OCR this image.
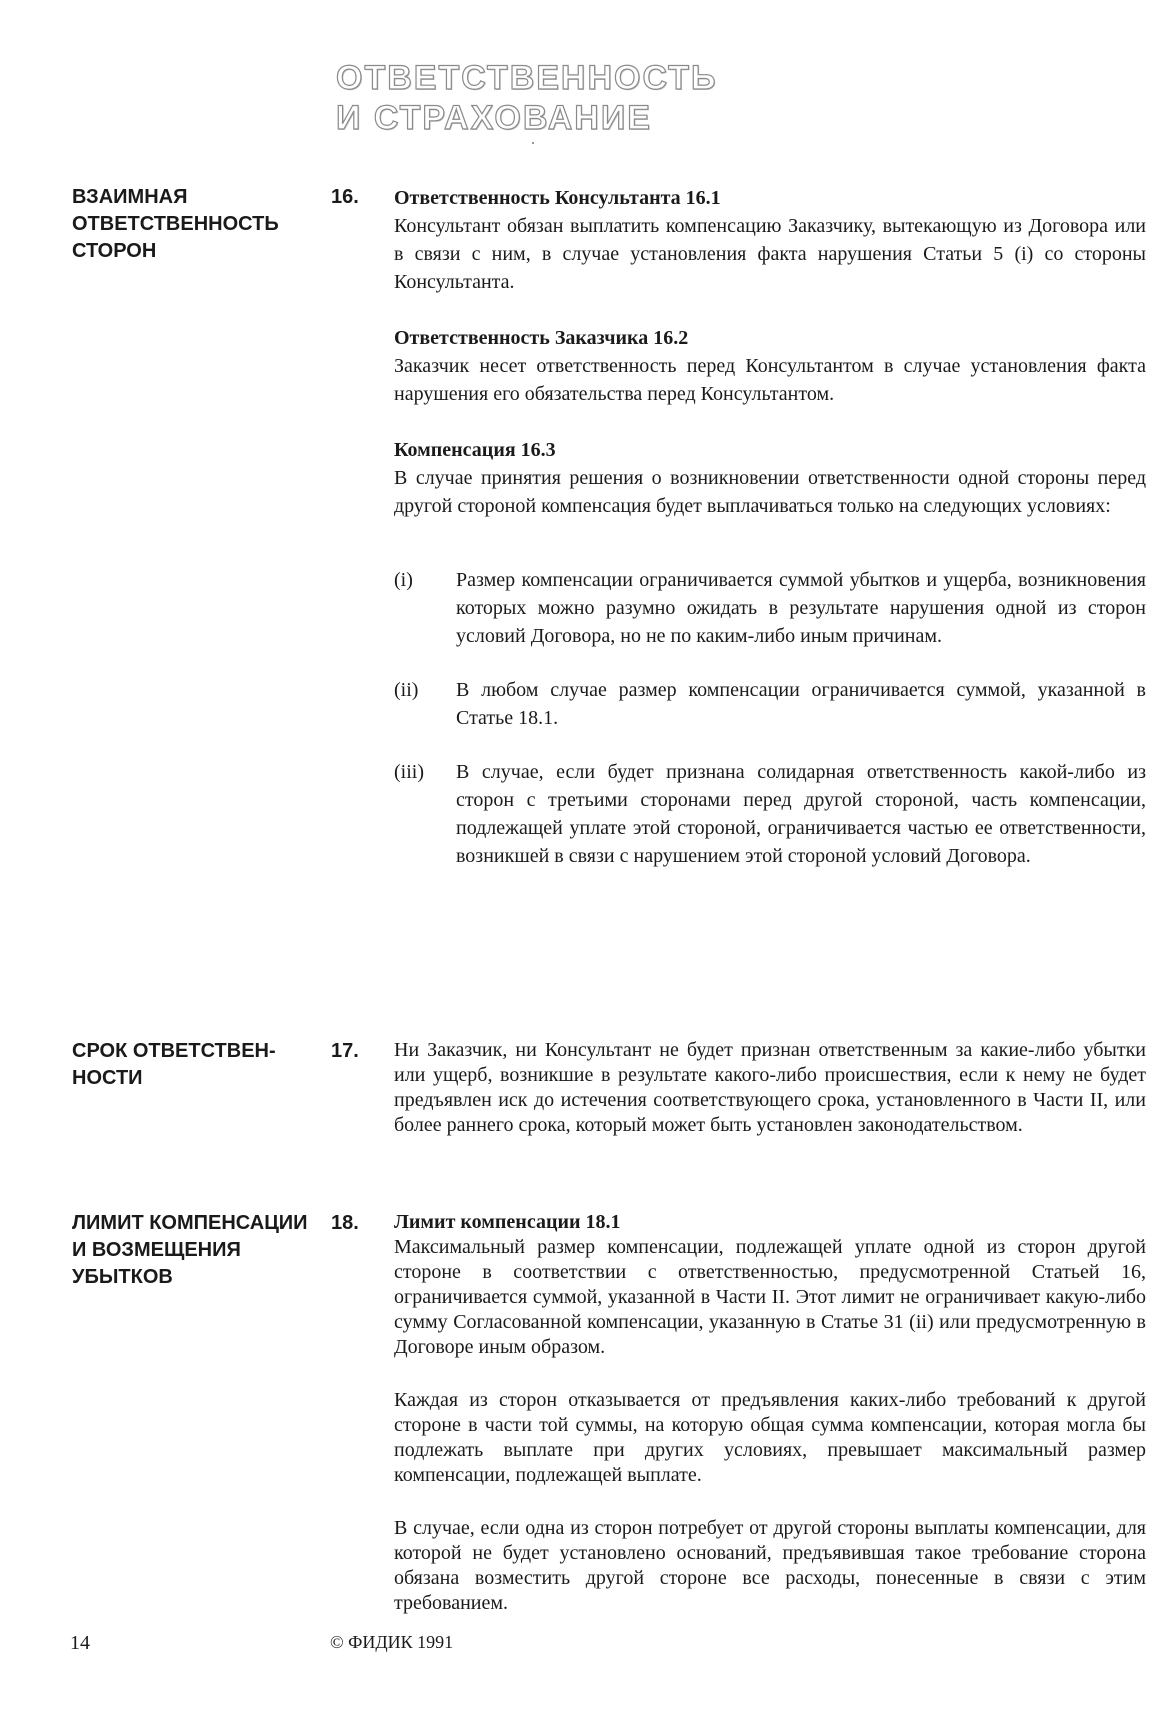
ОТВЕТСТВЕННОСТЬ
И СТРАХОВАНИЕ
ВЗАИМНАЯ ОТВЕТСТВЕННОСТЬ СТОРОН
16. Ответственность Консультанта 16.1

Консультант обязан выплатить компенсацию Заказчику, вытекающую из Договора или в связи с ним, в случае установления факта нарушения Статьи 5 (i) со стороны Консультанта.

Ответственность Заказчика 16.2

Заказчик несет ответственность перед Консультантом в случае установления факта нарушения его обязательства перед Консультантом.

Компенсация 16.3

В случае принятия решения о возникновении ответственности одной стороны перед другой стороной компенсация будет выплачиваться только на следующих условиях:

(i) Размер компенсации ограничивается суммой убытков и ущерба, возникновения которых можно разумно ожидать в результате нарушения одной из сторон условий Договора, но не по каким-либо иным причинам.

(ii) В любом случае размер компенсации ограничивается суммой, указанной в Статье 18.1.

(iii) В случае, если будет признана солидарная ответственность какой-либо из сторон с третьими сторонами перед другой стороной, часть компенсации, подлежащей уплате этой стороной, ограничивается частью ее ответственности, возникшей в связи с нарушением этой стороной условий Договора.

СРОК ОТВЕТСТВЕН-НОСТИ
17. Ни Заказчик, ни Консультант не будет признан ответственным за какие-либо убытки или ущерб, возникшие в результате какого-либо происшествия, если к нему не будет предъявлен иск до истечения соответствующего срока, установленного в Части II, или более раннего срока, который может быть установлен законодательством.

ЛИМИТ КОМПЕНСАЦИИ И ВОЗМЕЩЕНИЯ УБЫТКОВ
18. Лимит компенсации 18.1

Максимальный размер компенсации, подлежащей уплате одной из сторон другой стороне в соответствии с ответственностью, предусмотренной Статьей 16, ограничивается суммой, указанной в Части II. Этот лимит не ограничивает какую-либо сумму Согласованной компенсации, указанную в Статье 31 (ii) или предусмотренную в Договоре иным образом.

Каждая из сторон отказывается от предъявления каких-либо требований к другой стороне в части той суммы, на которую общая сумма компенсации, которая могла бы подлежать выплате при других условиях, превышает максимальный размер компенсации, подлежащей выплате.

В случае, если одна из сторон потребует от другой стороны выплаты компенсации, для которой не будет установлено оснований, предъявившая такое требование сторона обязана возместить другой стороне все расходы, понесенные в связи с этим требованием.

14	© ФИДИК 1991
